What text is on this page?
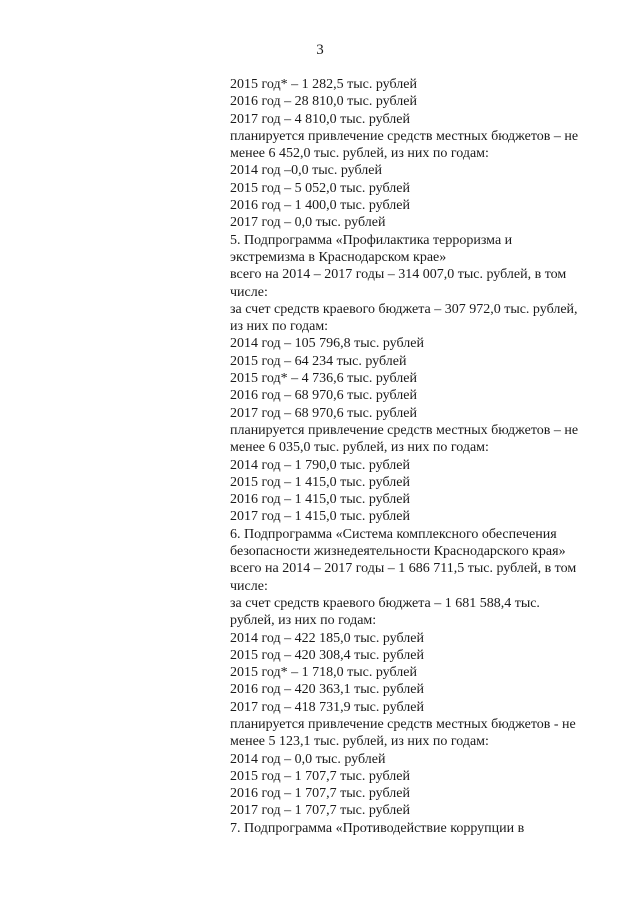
3
2015 год* – 1 282,5 тыс. рублей
2016 год – 28 810,0 тыс. рублей
2017 год – 4 810,0 тыс. рублей
планируется привлечение средств местных бюджетов – не
менее 6 452,0 тыс. рублей, из них по годам:
2014 год –0,0 тыс. рублей
2015 год – 5 052,0 тыс. рублей
2016 год – 1 400,0 тыс. рублей
2017 год – 0,0 тыс. рублей
5. Подпрограмма «Профилактика терроризма и
экстремизма в Краснодарском крае»
всего на 2014 – 2017 годы – 314 007,0 тыс. рублей, в том
числе:
за счет средств краевого бюджета – 307 972,0 тыс. рублей,
из них по годам:
2014 год – 105 796,8 тыс. рублей
2015 год – 64 234 тыс. рублей
2015 год* – 4 736,6 тыс. рублей
2016 год – 68 970,6 тыс. рублей
2017 год – 68 970,6 тыс. рублей
планируется привлечение средств местных бюджетов – не
менее 6 035,0 тыс. рублей, из них по годам:
2014 год – 1 790,0 тыс. рублей
2015 год – 1 415,0 тыс. рублей
2016 год – 1 415,0 тыс. рублей
2017 год – 1 415,0 тыс. рублей
6. Подпрограмма «Система комплексного обеспечения
безопасности жизнедеятельности Краснодарского края»
всего на 2014 – 2017 годы – 1 686 711,5 тыс. рублей, в том
числе:
за счет средств краевого бюджета – 1 681 588,4 тыс.
рублей, из них по годам:
2014 год – 422 185,0 тыс. рублей
2015 год – 420 308,4 тыс. рублей
2015 год* – 1 718,0 тыс. рублей
2016 год – 420 363,1 тыс. рублей
2017 год – 418 731,9 тыс. рублей
планируется привлечение средств местных бюджетов - не
менее 5 123,1 тыс. рублей, из них по годам:
2014 год – 0,0 тыс. рублей
2015 год – 1 707,7 тыс. рублей
2016 год – 1 707,7 тыс. рублей
2017 год – 1 707,7 тыс. рублей
7. Подпрограмма «Противодействие коррупции в
